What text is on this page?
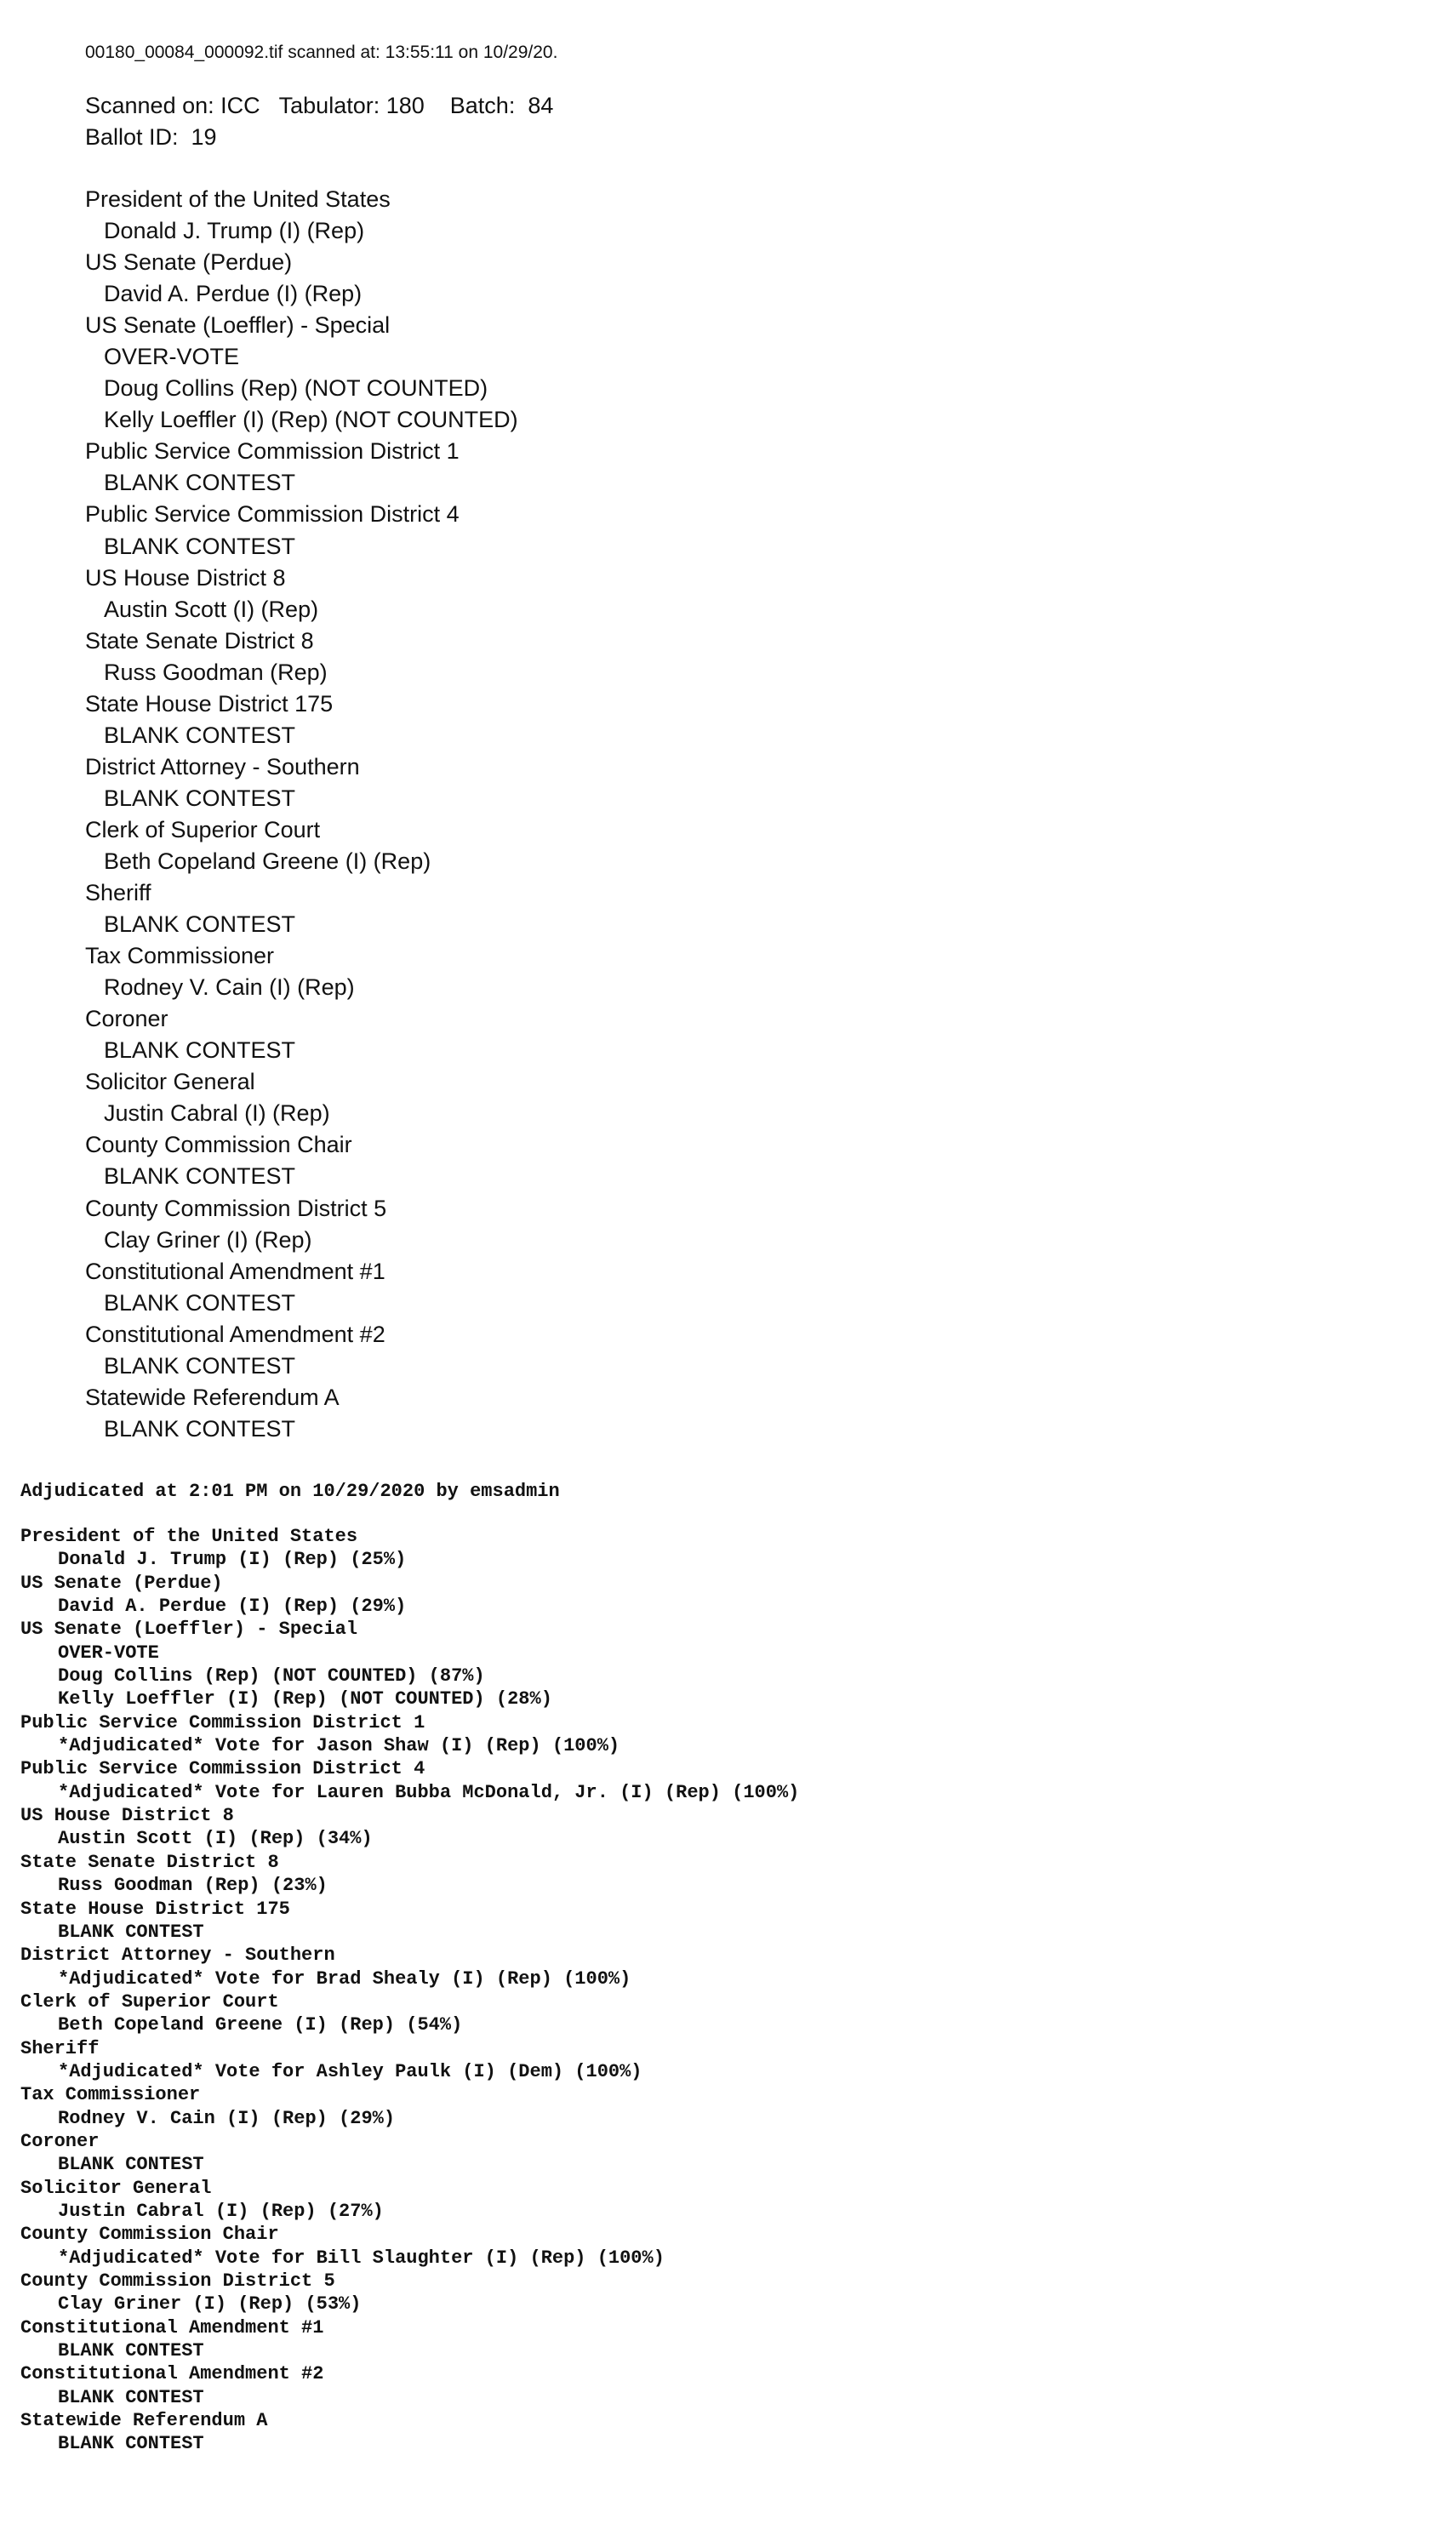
00180_00084_000092.tif scanned at: 13:55:11 on 10/29/20.
Scanned on: ICC   Tabulator: 180    Batch:  84
Ballot ID:  19
President of the United States
Donald J. Trump (I) (Rep)
US Senate (Perdue)
David A. Perdue (I) (Rep)
US Senate (Loeffler) - Special
OVER-VOTE
Doug Collins (Rep) (NOT COUNTED)
Kelly Loeffler (I) (Rep) (NOT COUNTED)
Public Service Commission District 1
BLANK CONTEST
Public Service Commission District 4
BLANK CONTEST
US House District 8
Austin Scott (I) (Rep)
State Senate District 8
Russ Goodman (Rep)
State House District 175
BLANK CONTEST
District Attorney - Southern
BLANK CONTEST
Clerk of Superior Court
Beth Copeland Greene (I) (Rep)
Sheriff
BLANK CONTEST
Tax Commissioner
Rodney V. Cain (I) (Rep)
Coroner
BLANK CONTEST
Solicitor General
Justin Cabral (I) (Rep)
County Commission Chair
BLANK CONTEST
County Commission District 5
Clay Griner (I) (Rep)
Constitutional Amendment #1
BLANK CONTEST
Constitutional Amendment #2
BLANK CONTEST
Statewide Referendum A
BLANK CONTEST
Adjudicated at 2:01 PM on 10/29/2020 by emsadmin
President of the United States
Donald J. Trump (I) (Rep) (25%)
US Senate (Perdue)
David A. Perdue (I) (Rep) (29%)
US Senate (Loeffler) - Special
OVER-VOTE
Doug Collins (Rep) (NOT COUNTED) (87%)
Kelly Loeffler (I) (Rep) (NOT COUNTED) (28%)
Public Service Commission District 1
*Adjudicated* Vote for Jason Shaw (I) (Rep) (100%)
Public Service Commission District 4
*Adjudicated* Vote for Lauren Bubba McDonald, Jr. (I) (Rep) (100%)
US House District 8
Austin Scott (I) (Rep) (34%)
State Senate District 8
Russ Goodman (Rep) (23%)
State House District 175
BLANK CONTEST
District Attorney - Southern
*Adjudicated* Vote for Brad Shealy (I) (Rep) (100%)
Clerk of Superior Court
Beth Copeland Greene (I) (Rep) (54%)
Sheriff
*Adjudicated* Vote for Ashley Paulk (I) (Dem) (100%)
Tax Commissioner
Rodney V. Cain (I) (Rep) (29%)
Coroner
BLANK CONTEST
Solicitor General
Justin Cabral (I) (Rep) (27%)
County Commission Chair
*Adjudicated* Vote for Bill Slaughter (I) (Rep) (100%)
County Commission District 5
Clay Griner (I) (Rep) (53%)
Constitutional Amendment #1
BLANK CONTEST
Constitutional Amendment #2
BLANK CONTEST
Statewide Referendum A
BLANK CONTEST
